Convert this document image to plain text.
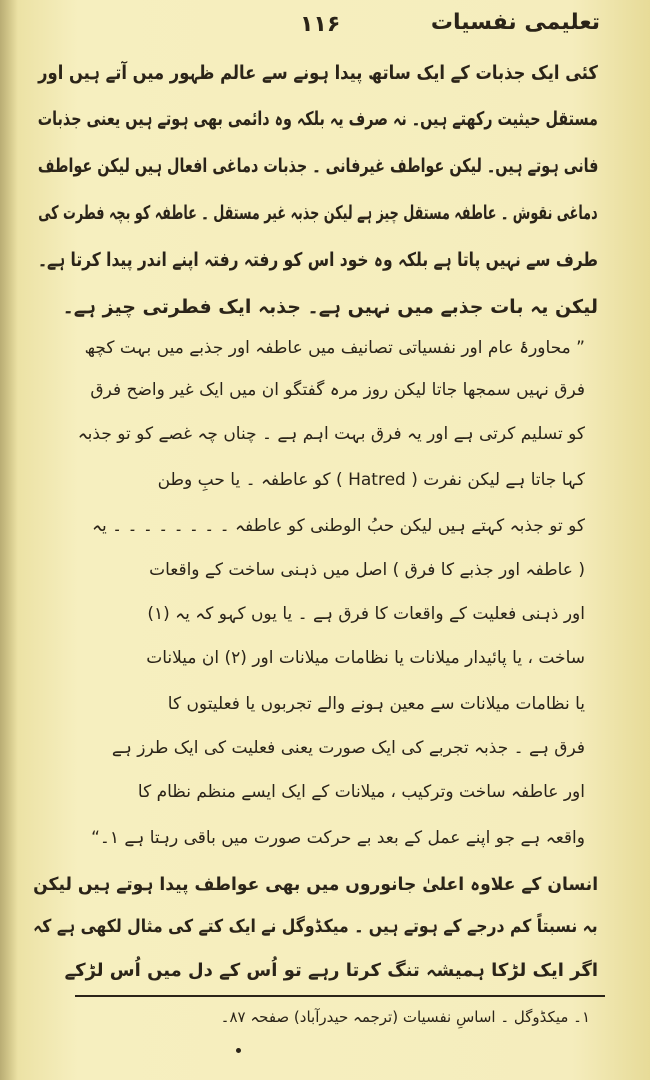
۱۱۶	تعلیمی نفسیات
کئی ایک جذبات کے ایک ساتھ پیدا ہونے سے عالم ظہور میں آتے ہیں اور
مستقل حیثیت رکھتے ہیں۔ نہ صرف یہ بلکہ وہ دائمی بھی ہوتے ہیں یعنی جذبات
فانی ہوتے ہیں۔ لیکن عواطف غیرفانی ۔ جذبات دماغی افعال ہیں لیکن عواطف
دماغی نقوش ۔ عاطفہ مستقل چیز ہے لیکن جذبہ غیر مستقل ۔ عاطفہ کو بچہ فطرت کی
طرف سے نہیں پاتا ہے بلکہ وہ خود اس کو رفتہ رفتہ اپنے اندر پیدا کرتا ہے۔
لیکن یہ بات جذبے میں نہیں ہے۔ جذبہ ایک فطرتی چیز ہے۔
” محاورۂ عام اور نفسیاتی تصانیف میں عاطفہ اور جذبے میں بہت کچھ
فرق نہیں سمجھا جاتا لیکن روز مرہ گفتگو ان میں ایک غیر واضح فرق
کو تسلیم کرتی ہے اور یہ فرق بہت اہم ہے ۔ چناں چہ غصے کو تو جذبہ
کہا جاتا ہے لیکن نفرت ( Hatred ) کو عاطفہ ۔ یا حبِ وطن
کو تو جذبہ کہتے ہیں لیکن حبُ الوطنی کو عاطفہ ۔ ۔ ۔ ۔ ۔ ۔ ۔ ۔ یہ
( عاطفہ اور جذبے کا فرق ) اصل میں ذہنی ساخت کے واقعات
اور ذہنی فعلیت کے واقعات کا فرق ہے ۔ یا یوں کہو کہ یہ (۱)
ساخت ، یا پائیدار میلانات یا نظامات میلانات اور (۲) ان میلانات
یا نظامات میلانات سے معین ہونے والے تجربوں یا فعلیتوں کا
فرق ہے ۔ جذبہ تجربے کی ایک صورت یعنی فعلیت کی ایک طرز ہے
اور عاطفہ ساخت وترکیب ، میلانات کے ایک ایسے منظم نظام کا
واقعہ ہے جو اپنے عمل کے بعد بے حرکت صورت میں باقی رہتا ہے ۱۔“
انسان کے علاوہ اعلیٰ جانوروں میں بھی عواطف پیدا ہوتے ہیں لیکن
بہ نسبتاً کم درجے کے ہوتے ہیں ۔ میکڈوگل نے ایک کتے کی مثال لکھی ہے کہ
اگر ایک لڑکا ہمیشہ تنگ کرتا رہے تو اُس کے دل میں اُس لڑکے
۱۔ میکڈوگل ۔ اساسِ نفسیات (ترجمہ حیدرآباد) صفحہ ۸۷۔
